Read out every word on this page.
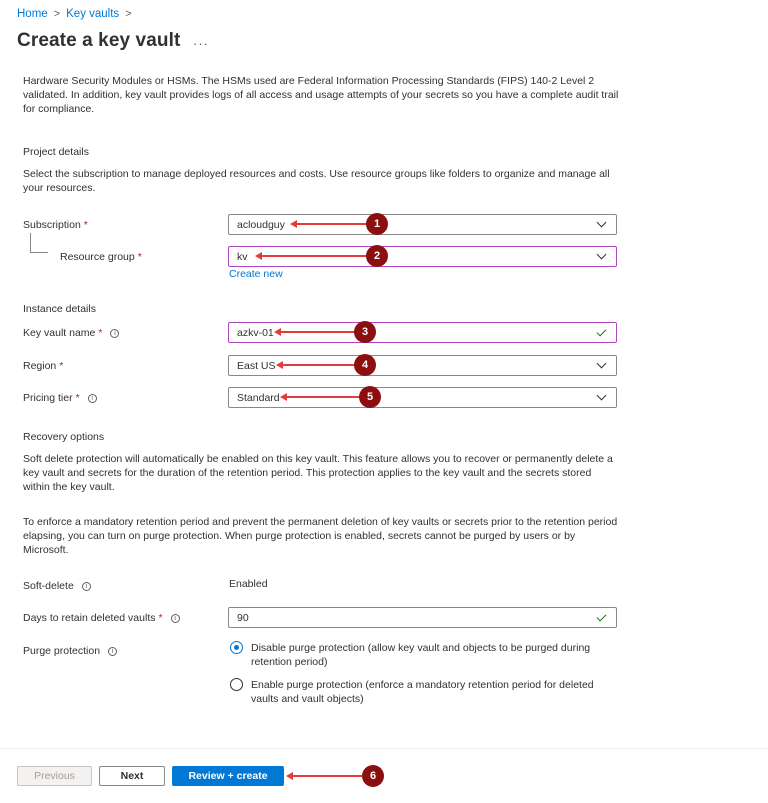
Home > Key vaults >
Create a key vault ···
Hardware Security Modules or HSMs. The HSMs used are Federal Information Processing Standards (FIPS) 140-2 Level 2 validated. In addition, key vault provides logs of all access and usage attempts of your secrets so you have a complete audit trail for compliance.
Project details
Select the subscription to manage deployed resources and costs. Use resource groups like folders to organize and manage all your resources.
Subscription *	acloudguy
Resource group *	kv
Create new
Instance details
Key vault name *	i	azkv-01
Region *	East US
Pricing tier *	i	Standard
Recovery options
Soft delete protection will automatically be enabled on this key vault. This feature allows you to recover or permanently delete a key vault and secrets for the duration of the retention period. This protection applies to the key vault and the secrets stored within the key vault.
To enforce a mandatory retention period and prevent the permanent deletion of key vaults or secrets prior to the retention period elapsing, you can turn on purge protection. When purge protection is enabled, secrets cannot be purged by users or by Microsoft.
Soft-delete	i	Enabled
Days to retain deleted vaults *	i	90
Purge protection	i	Disable purge protection (allow key vault and objects to be purged during retention period)
Enable purge protection (enforce a mandatory retention period for deleted vaults and vault objects)
1
2
3
4
5
6
Previous	Next	Review + create
